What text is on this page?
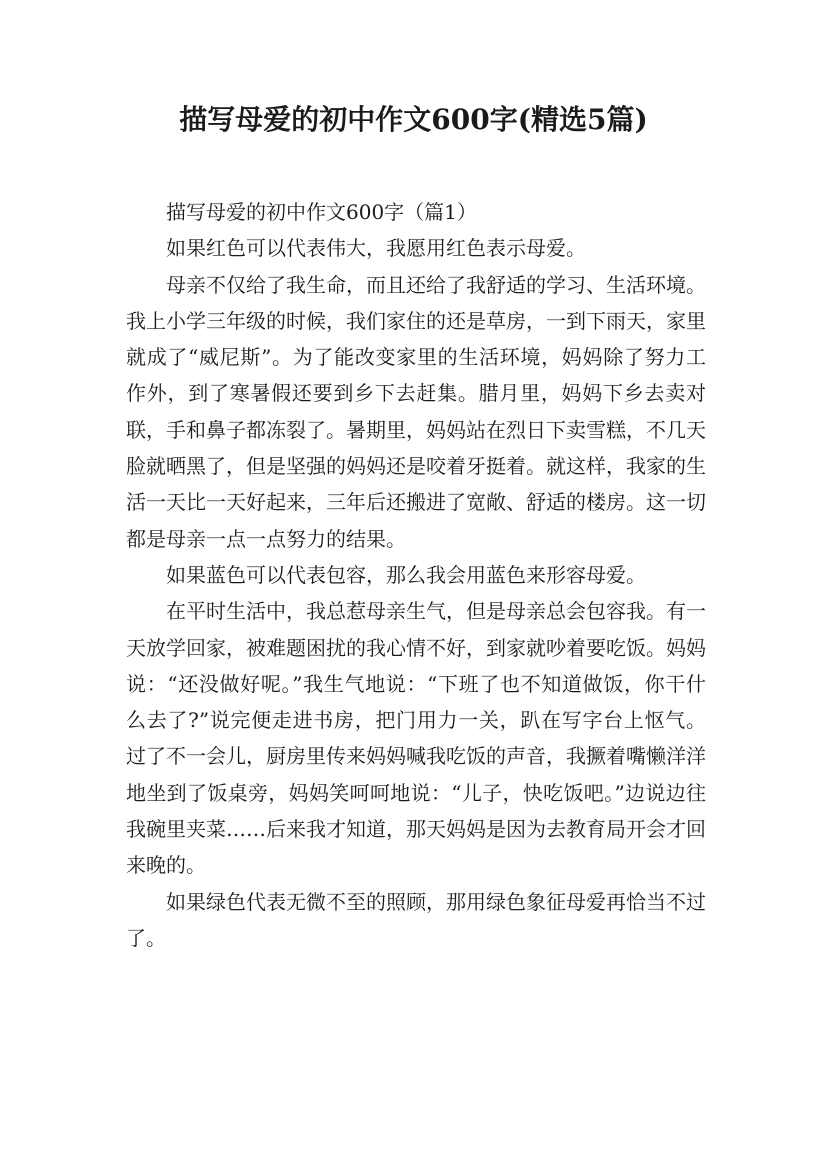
描写母爱的初中作文600字(精选5篇)

描写母爱的初中作文600字（篇1）

如果红色可以代表伟大，我愿用红色表示母爱。

母亲不仅给了我生命，而且还给了我舒适的学习、生活环境。我上小学三年级的时候，我们家住的还是草房，一到下雨天，家里就成了“威尼斯”。为了能改变家里的生活环境，妈妈除了努力工作外，到了寒暑假还要到乡下去赶集。腊月里，妈妈下乡去卖对联，手和鼻子都冻裂了。暑期里，妈妈站在烈日下卖雪糕，不几天脸就晒黑了，但是坚强的妈妈还是咬着牙挺着。就这样，我家的生活一天比一天好起来，三年后还搬进了宽敞、舒适的楼房。这一切都是母亲一点一点努力的结果。

如果蓝色可以代表包容，那么我会用蓝色来形容母爱。

在平时生活中，我总惹母亲生气，但是母亲总会包容我。有一天放学回家，被难题困扰的我心情不好，到家就吵着要吃饭。妈妈说：“还没做好呢。”我生气地说：“下班了也不知道做饭，你干什么去了?”说完便走进书房，把门用力一关，趴在写字台上怄气。过了不一会儿，厨房里传来妈妈喊我吃饭的声音，我撅着嘴懒洋洋地坐到了饭桌旁，妈妈笑呵呵地说：“儿子，快吃饭吧。”边说边往我碗里夹菜……后来我才知道，那天妈妈是因为去教育局开会才回来晚的。

如果绿色代表无微不至的照顾，那用绿色象征母爱再恰当不过了。
